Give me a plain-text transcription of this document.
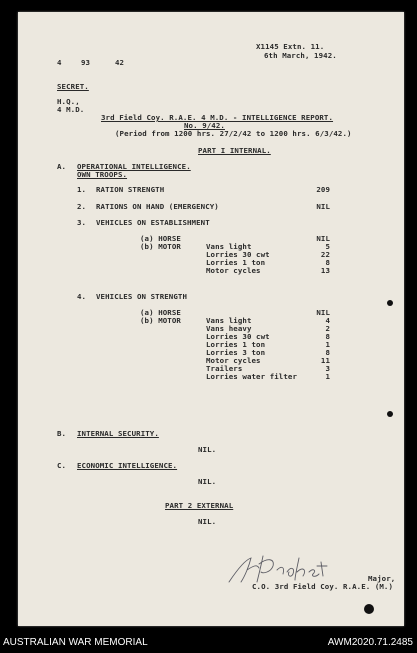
X1145 Extn. 11.
6th March, 1942.
4	93	42
SECRET.
H.Q.,
4 M.D.
3rd Field Coy. R.A.E. 4 M.D. - INTELLIGENCE REPORT.
No. 9/42.
(Period from 1200 hrs. 27/2/42 to 1200 hrs. 6/3/42.)
PART I INTERNAL.
A. OPERATIONAL INTELLIGENCE.
OWN TROOPS.
1. RATION STRENGTH	209
2. RATIONS ON HAND (EMERGENCY)	NIL
3. VEHICLES ON ESTABLISHMENT
(a) HORSE	NIL
(b) MOTOR	Vans light	5
Lorries 30 cwt	22
Lorries 1 ton	8
Motor cycles	13
4. VEHICLES ON STRENGTH
(a) HORSE	NIL
(b) MOTOR	Vans light	4
Vans heavy	2
Lorries 30 cwt	8
Lorries 1 ton	1
Lorries 3 ton	8
Motor cycles	11
Trailers	3
Lorries water filter	1
B. INTERNAL SECURITY.
NIL.
C. ECONOMIC INTELLIGENCE.
NIL.
PART 2 EXTERNAL
NIL.
Major,
C.O. 3rd Field Coy. R.A.E. (M.)
AUSTRALIAN WAR MEMORIAL	AWM2020.71.2485
